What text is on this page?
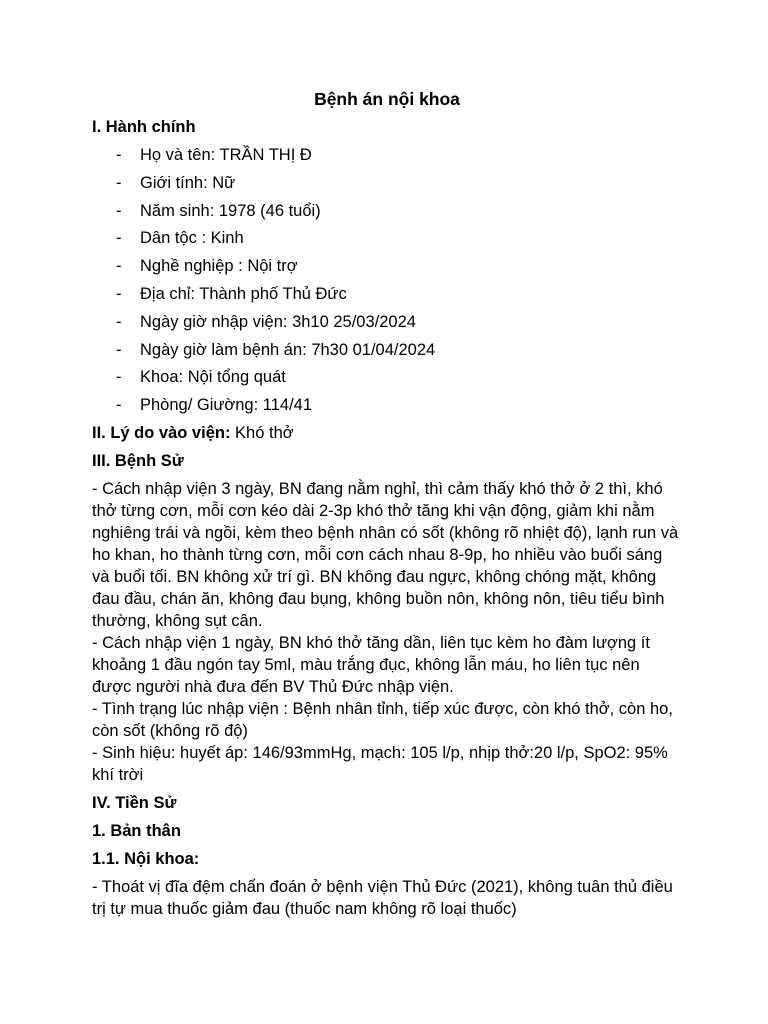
Bệnh án nội khoa
I. Hành chính
- Họ và tên: TRẦN THỊ Đ
- Giới tính: Nữ
- Năm sinh: 1978 (46 tuổi)
- Dân tộc : Kinh
- Nghề nghiệp : Nội trợ
- Địa chỉ: Thành phố Thủ Đức
- Ngày giờ nhập viện: 3h10 25/03/2024
- Ngày giờ làm bệnh án: 7h30 01/04/2024
- Khoa: Nội tổng quát
- Phòng/ Giường: 114/41
II. Lý do vào viện: Khó thở
III. Bệnh Sử

- Cách nhập viện 3 ngày, BN đang nằm nghỉ, thì cảm thấy khó thở ở 2 thì, khó thở từng cơn, mỗi cơn kéo dài 2-3p khó thở tăng khi vận động, giảm khi nằm nghiêng trái và ngồi, kèm theo bệnh nhân có sốt (không rõ nhiệt độ), lạnh run và ho khan, ho thành từng cơn, mỗi cơn cách nhau 8-9p, ho nhiều vào buổi sáng và buổi tối. BN không xử trí gì. BN không đau ngực, không chóng mặt, không đau đầu, chán ăn, không đau bụng, không buồn nôn, không nôn, tiêu tiểu bình thường, không sụt cân.

- Cách nhập viện 1 ngày, BN khó thở tăng dần, liên tục kèm ho đàm lượng ít khoảng 1 đầu ngón tay 5ml, màu trắng đục, không lẫn máu, ho liên tục nên được người nhà đưa đến BV Thủ Đức nhập viện.

- Tình trạng lúc nhập viện : Bệnh nhân tỉnh, tiếp xúc được, còn khó thở, còn ho, còn sốt (không rõ độ)

- Sinh hiệu: huyết áp: 146/93mmHg, mạch: 105 l/p, nhịp thở:20 l/p, SpO2: 95% khí trời

IV. Tiền Sử
1. Bản thân
1.1. Nội khoa:

- Thoát vị đĩa đệm chẩn đoán ở bệnh viện Thủ Đức (2021), không tuân thủ điều trị tự mua thuốc giảm đau (thuốc nam không rõ loại thuốc)
